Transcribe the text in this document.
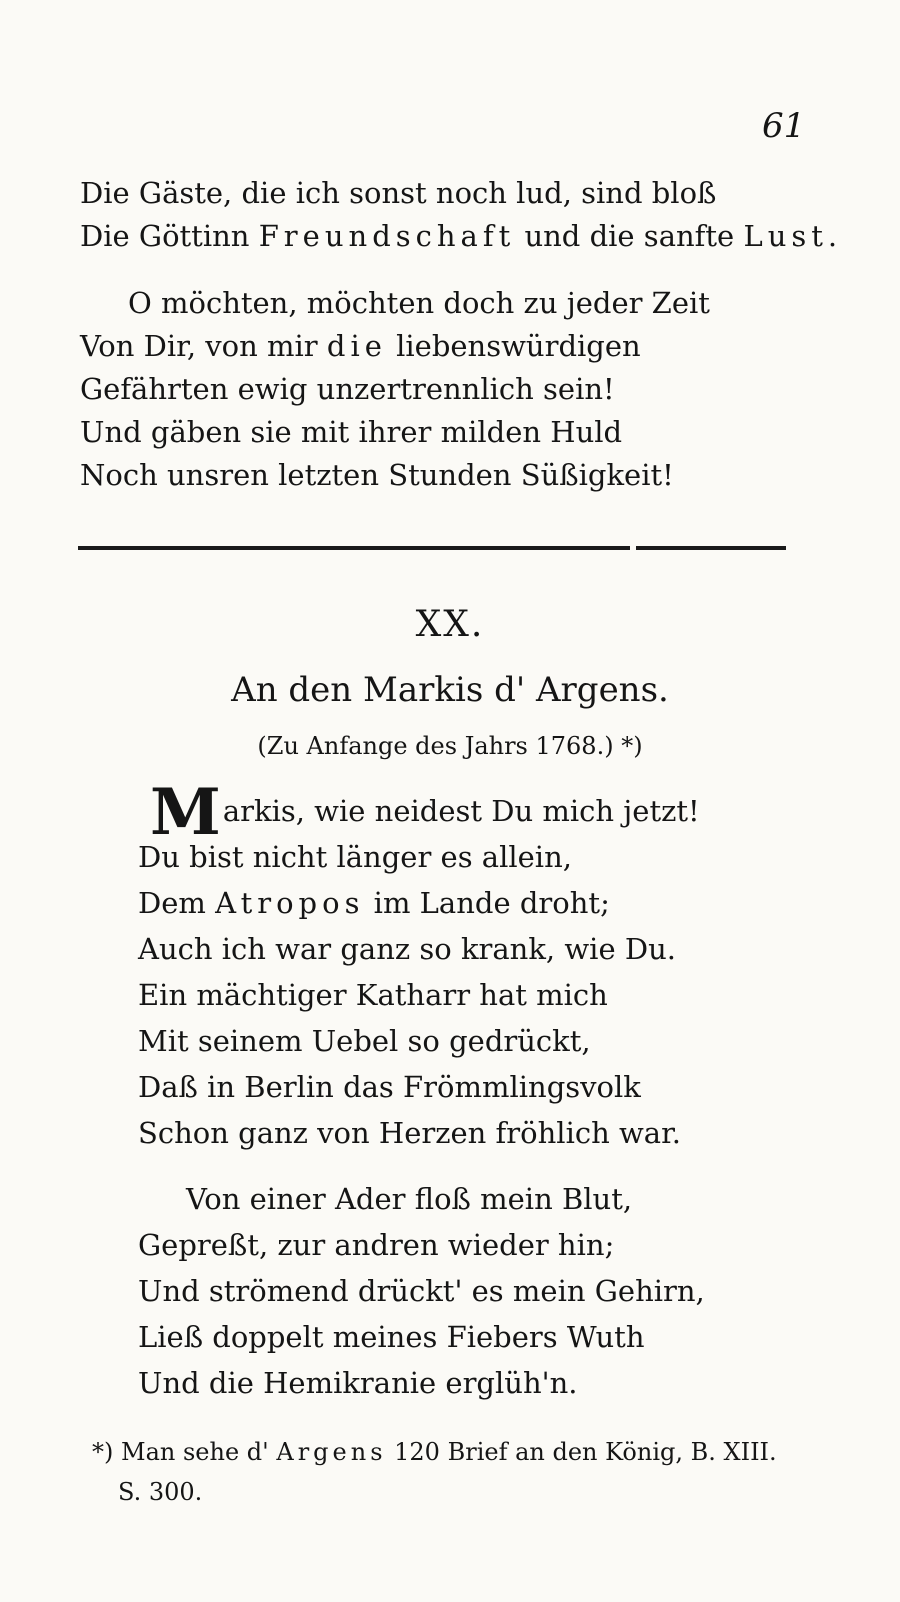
61
Die Gäste, die ich sonst noch lud, sind bloß
Die Göttinn Freundschaft und die sanfte Lust.
O möchten, möchten doch zu jeder Zeit
Von Dir, von mir die liebenswürdigen
Gefährten ewig unzertrennlich sein!
Und gäben sie mit ihrer milden Huld
Noch unsren letzten Stunden Süßigkeit!
XX.
An den Markis d' Argens.
(Zu Anfange des Jahrs 1768.) *)
M arkis, wie neidest Du mich jetzt!
Du bist nicht länger es allein,
Dem Atropos im Lande droht;
Auch ich war ganz so krank, wie Du.
Ein mächtiger Katharr hat mich
Mit seinem Uebel so gedrückt,
Daß in Berlin das Frömmlingsvolk
Schon ganz von Herzen fröhlich war.
Von einer Ader floß mein Blut,
Gepreßt, zur andren wieder hin;
Und strömend drückt' es mein Gehirn,
Ließ doppelt meines Fiebers Wuth
Und die Hemikranie erglüh'n.
*) Man sehe d' Argens 120 Brief an den König, B. XIII.
S. 300.
